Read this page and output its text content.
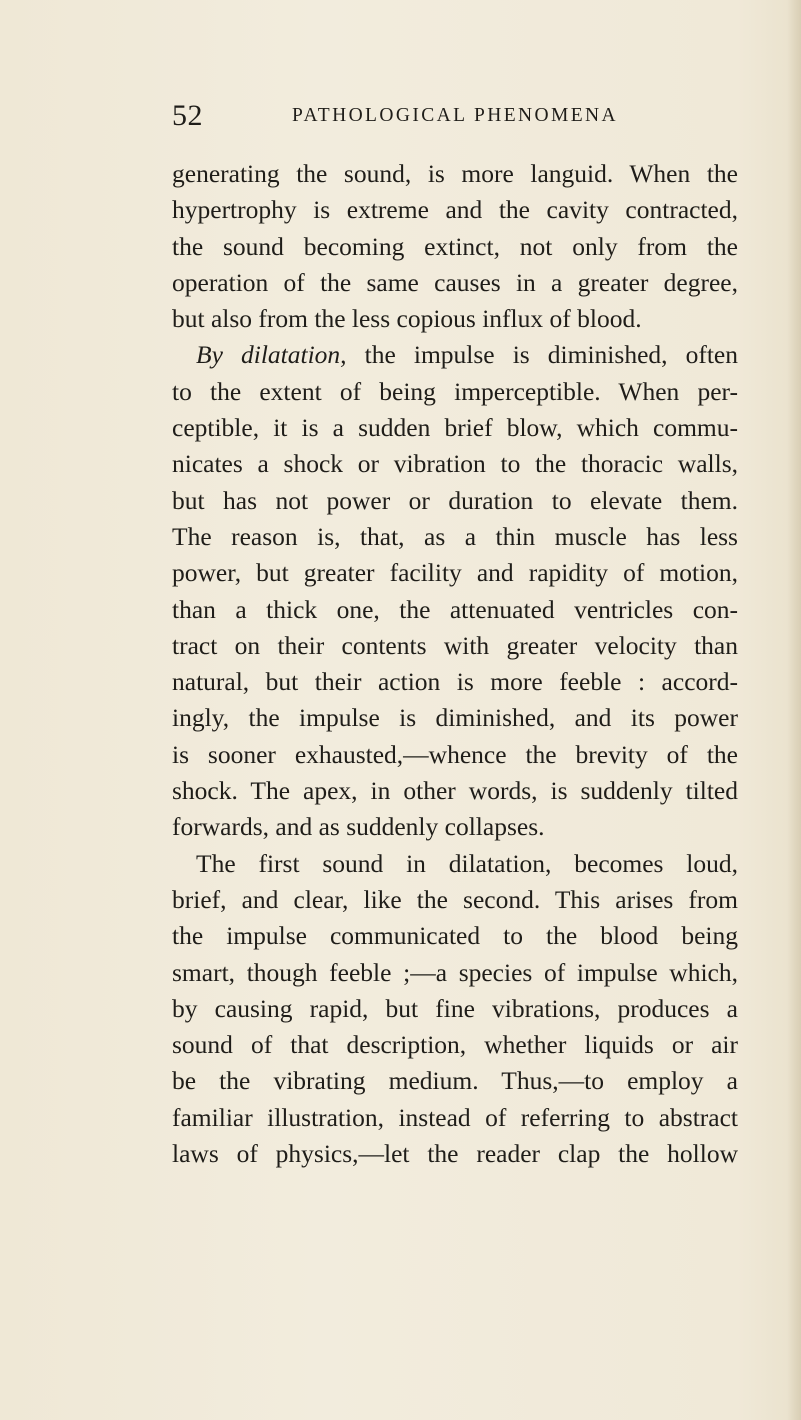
52	PATHOLOGICAL PHENOMENA
generating the sound, is more languid. When the
hypertrophy is extreme and the cavity contracted,
the sound becoming extinct, not only from the
operation of the same causes in a greater degree,
but also from the less copious influx of blood.
By dilatation, the impulse is diminished, often
to the extent of being imperceptible. When per-
ceptible, it is a sudden brief blow, which commu-
nicates a shock or vibration to the thoracic walls,
but has not power or duration to elevate them.
The reason is, that, as a thin muscle has less
power, but greater facility and rapidity of motion,
than a thick one, the attenuated ventricles con-
tract on their contents with greater velocity than
natural, but their action is more feeble : accord-
ingly, the impulse is diminished, and its power
is sooner exhausted,—whence the brevity of the
shock. The apex, in other words, is suddenly tilted
forwards, and as suddenly collapses.
The first sound in dilatation, becomes loud,
brief, and clear, like the second. This arises from
the impulse communicated to the blood being
smart, though feeble ;—a species of impulse which,
by causing rapid, but fine vibrations, produces a
sound of that description, whether liquids or air
be the vibrating medium. Thus,—to employ a
familiar illustration, instead of referring to abstract
laws of physics,—let the reader clap the hollow
